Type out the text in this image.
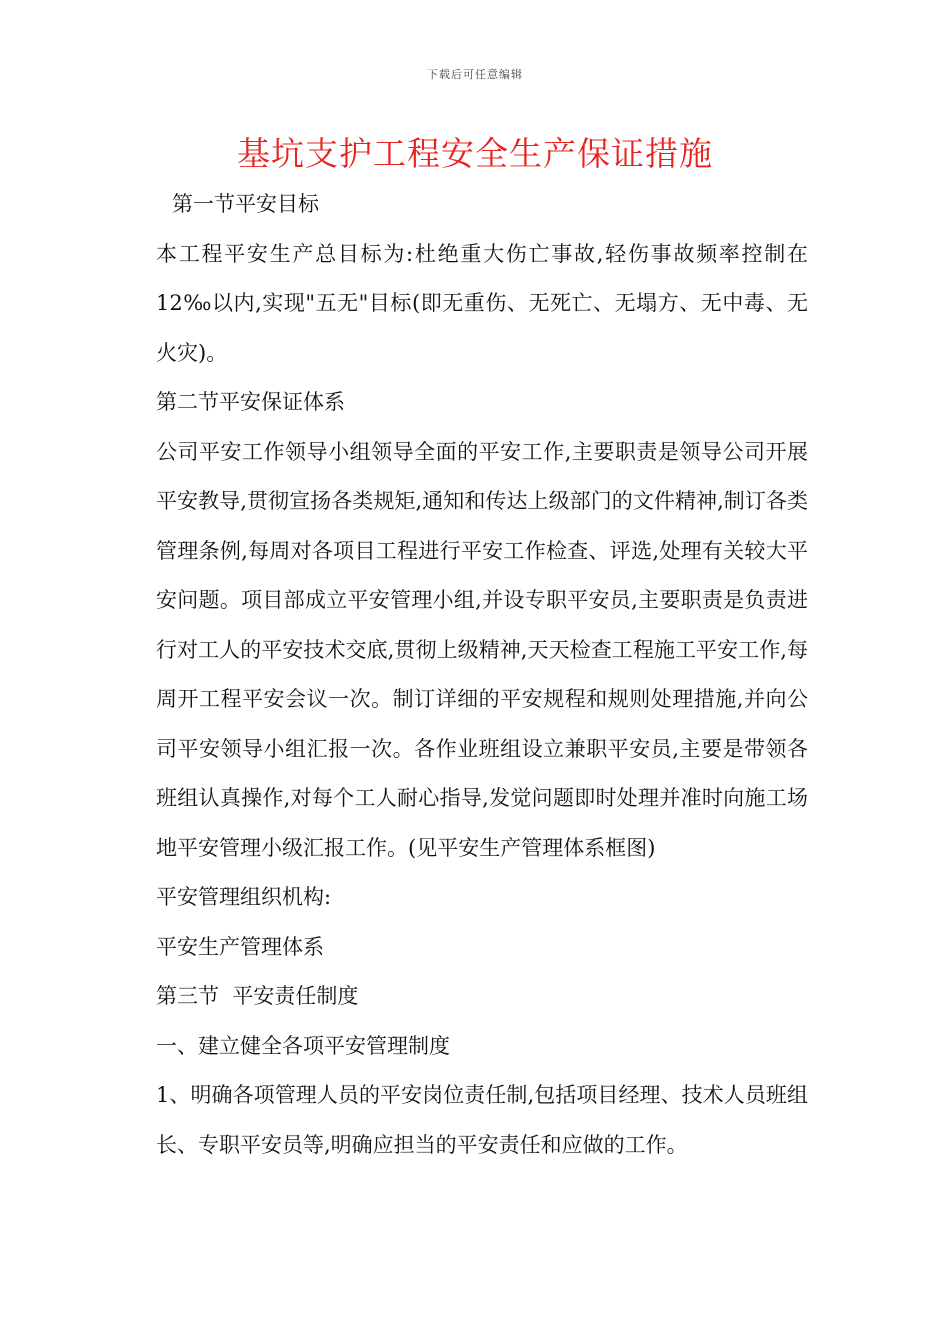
下载后可任意编辑
基坑支护工程安全生产保证措施

第一节平安目标

本工程平安生产总目标为:杜绝重大伤亡事故,轻伤事故频率控制在12‰以内,实现"五无"目标(即无重伤、无死亡、无塌方、无中毒、无火灾)。

第二节平安保证体系

公司平安工作领导小组领导全面的平安工作,主要职责是领导公司开展平安教导,贯彻宣扬各类规矩,通知和传达上级部门的文件精神,制订各类管理条例,每周对各项目工程进行平安工作检查、评选,处理有关较大平安问题。项目部成立平安管理小组,并设专职平安员,主要职责是负责进行对工人的平安技术交底,贯彻上级精神,天天检查工程施工平安工作,每周开工程平安会议一次。制订详细的平安规程和规则处理措施,并向公司平安领导小组汇报一次。各作业班组设立兼职平安员,主要是带领各班组认真操作,对每个工人耐心指导,发觉问题即时处理并准时向施工场地平安管理小级汇报工作。(见平安生产管理体系框图)

平安管理组织机构:

平安生产管理体系

第三节  平安责任制度

一、建立健全各项平安管理制度

1、明确各项管理人员的平安岗位责任制,包括项目经理、技术人员班组长、专职平安员等,明确应担当的平安责任和应做的工作。
